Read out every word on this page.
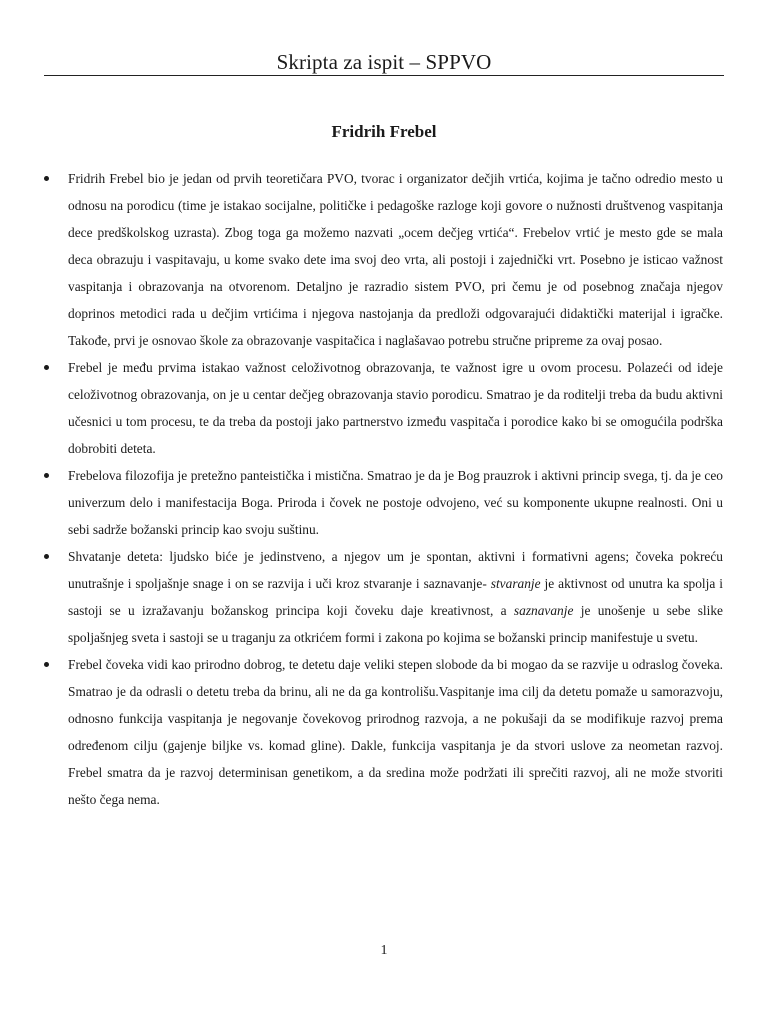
Skripta za ispit – SPPVO
Fridrih Frebel
Fridrih Frebel bio je jedan od prvih teoretičara PVO, tvorac i organizator dečjih vrtića, kojima je tačno odredio mesto u odnosu na porodicu (time je istakao socijalne, političke i pedagoške razloge koji govore o nužnosti društvenog vaspitanja dece predškolskog uzrasta). Zbog toga ga možemo nazvati „ocem dečjeg vrtića“. Frebelov vrtić je mesto gde se mala deca obrazuju i vaspitavaju, u kome svako dete ima svoj deo vrta, ali postoji i zajednički vrt. Posebno je isticao važnost vaspitanja i obrazovanja na otvorenom. Detaljno je razradio sistem PVO, pri čemu je od posebnog značaja njegov doprinos metodici rada u dečjim vrtićima i njegova nastojanja da predloži odgovarajući didaktički materijal i igračke. Takođe, prvi je osnovao škole za obrazovanje vaspitačica i naglašavao potrebu stručne pripreme za ovaj posao.
Frebel je među prvima istakao važnost celoživotnog obrazovanja, te važnost igre u ovom procesu. Polazeći od ideje celoživotnog obrazovanja, on je u centar dečjeg obrazovanja stavio porodicu. Smatrao je da roditelji treba da budu aktivni učesnici u tom procesu, te da treba da postoji jako partnerstvo između vaspitača i porodice kako bi se omogućila podrška dobrobiti deteta.
Frebelova filozofija je pretežno panteistička i mistična. Smatrao je da je Bog prauzrok i aktivni princip svega, tj. da je ceo univerzum delo i manifestacija Boga. Priroda i čovek ne postoje odvojeno, već su komponente ukupne realnosti. Oni u sebi sadrže božanski princip kao svoju suštinu.
Shvatanje deteta: ljudsko biće je jedinstveno, a njegov um je spontan, aktivni i formativni agens; čoveka pokreću unutrašnje i spoljašnje snage i on se razvija i uči kroz stvaranje i saznavanje- stvaranje je aktivnost od unutra ka spolja i sastoji se u izražavanju božanskog principa koji čoveku daje kreativnost, a saznavanje je unošenje u sebe slike spoljašnjeg sveta i sastoji se u traganju za otkrićem formi i zakona po kojima se božanski princip manifestuje u svetu.
Frebel čoveka vidi kao prirodno dobrog, te detetu daje veliki stepen slobode da bi mogao da se razvije u odraslog čoveka. Smatrao je da odrasli o detetu treba da brinu, ali ne da ga kontrolišu.Vaspitanje ima cilj da detetu pomaže u samorazvoju, odnosno funkcija vaspitanja je negovanje čovekovog prirodnog razvoja, a ne pokušaji da se modifikuje razvoj prema određenom cilju (gajenje biljke vs. komad gline). Dakle, funkcija vaspitanja je da stvori uslove za neometan razvoj. Frebel smatra da je razvoj determinisan genetikom, a da sredina može podržati ili sprečiti razvoj, ali ne može stvoriti nešto čega nema.
1
